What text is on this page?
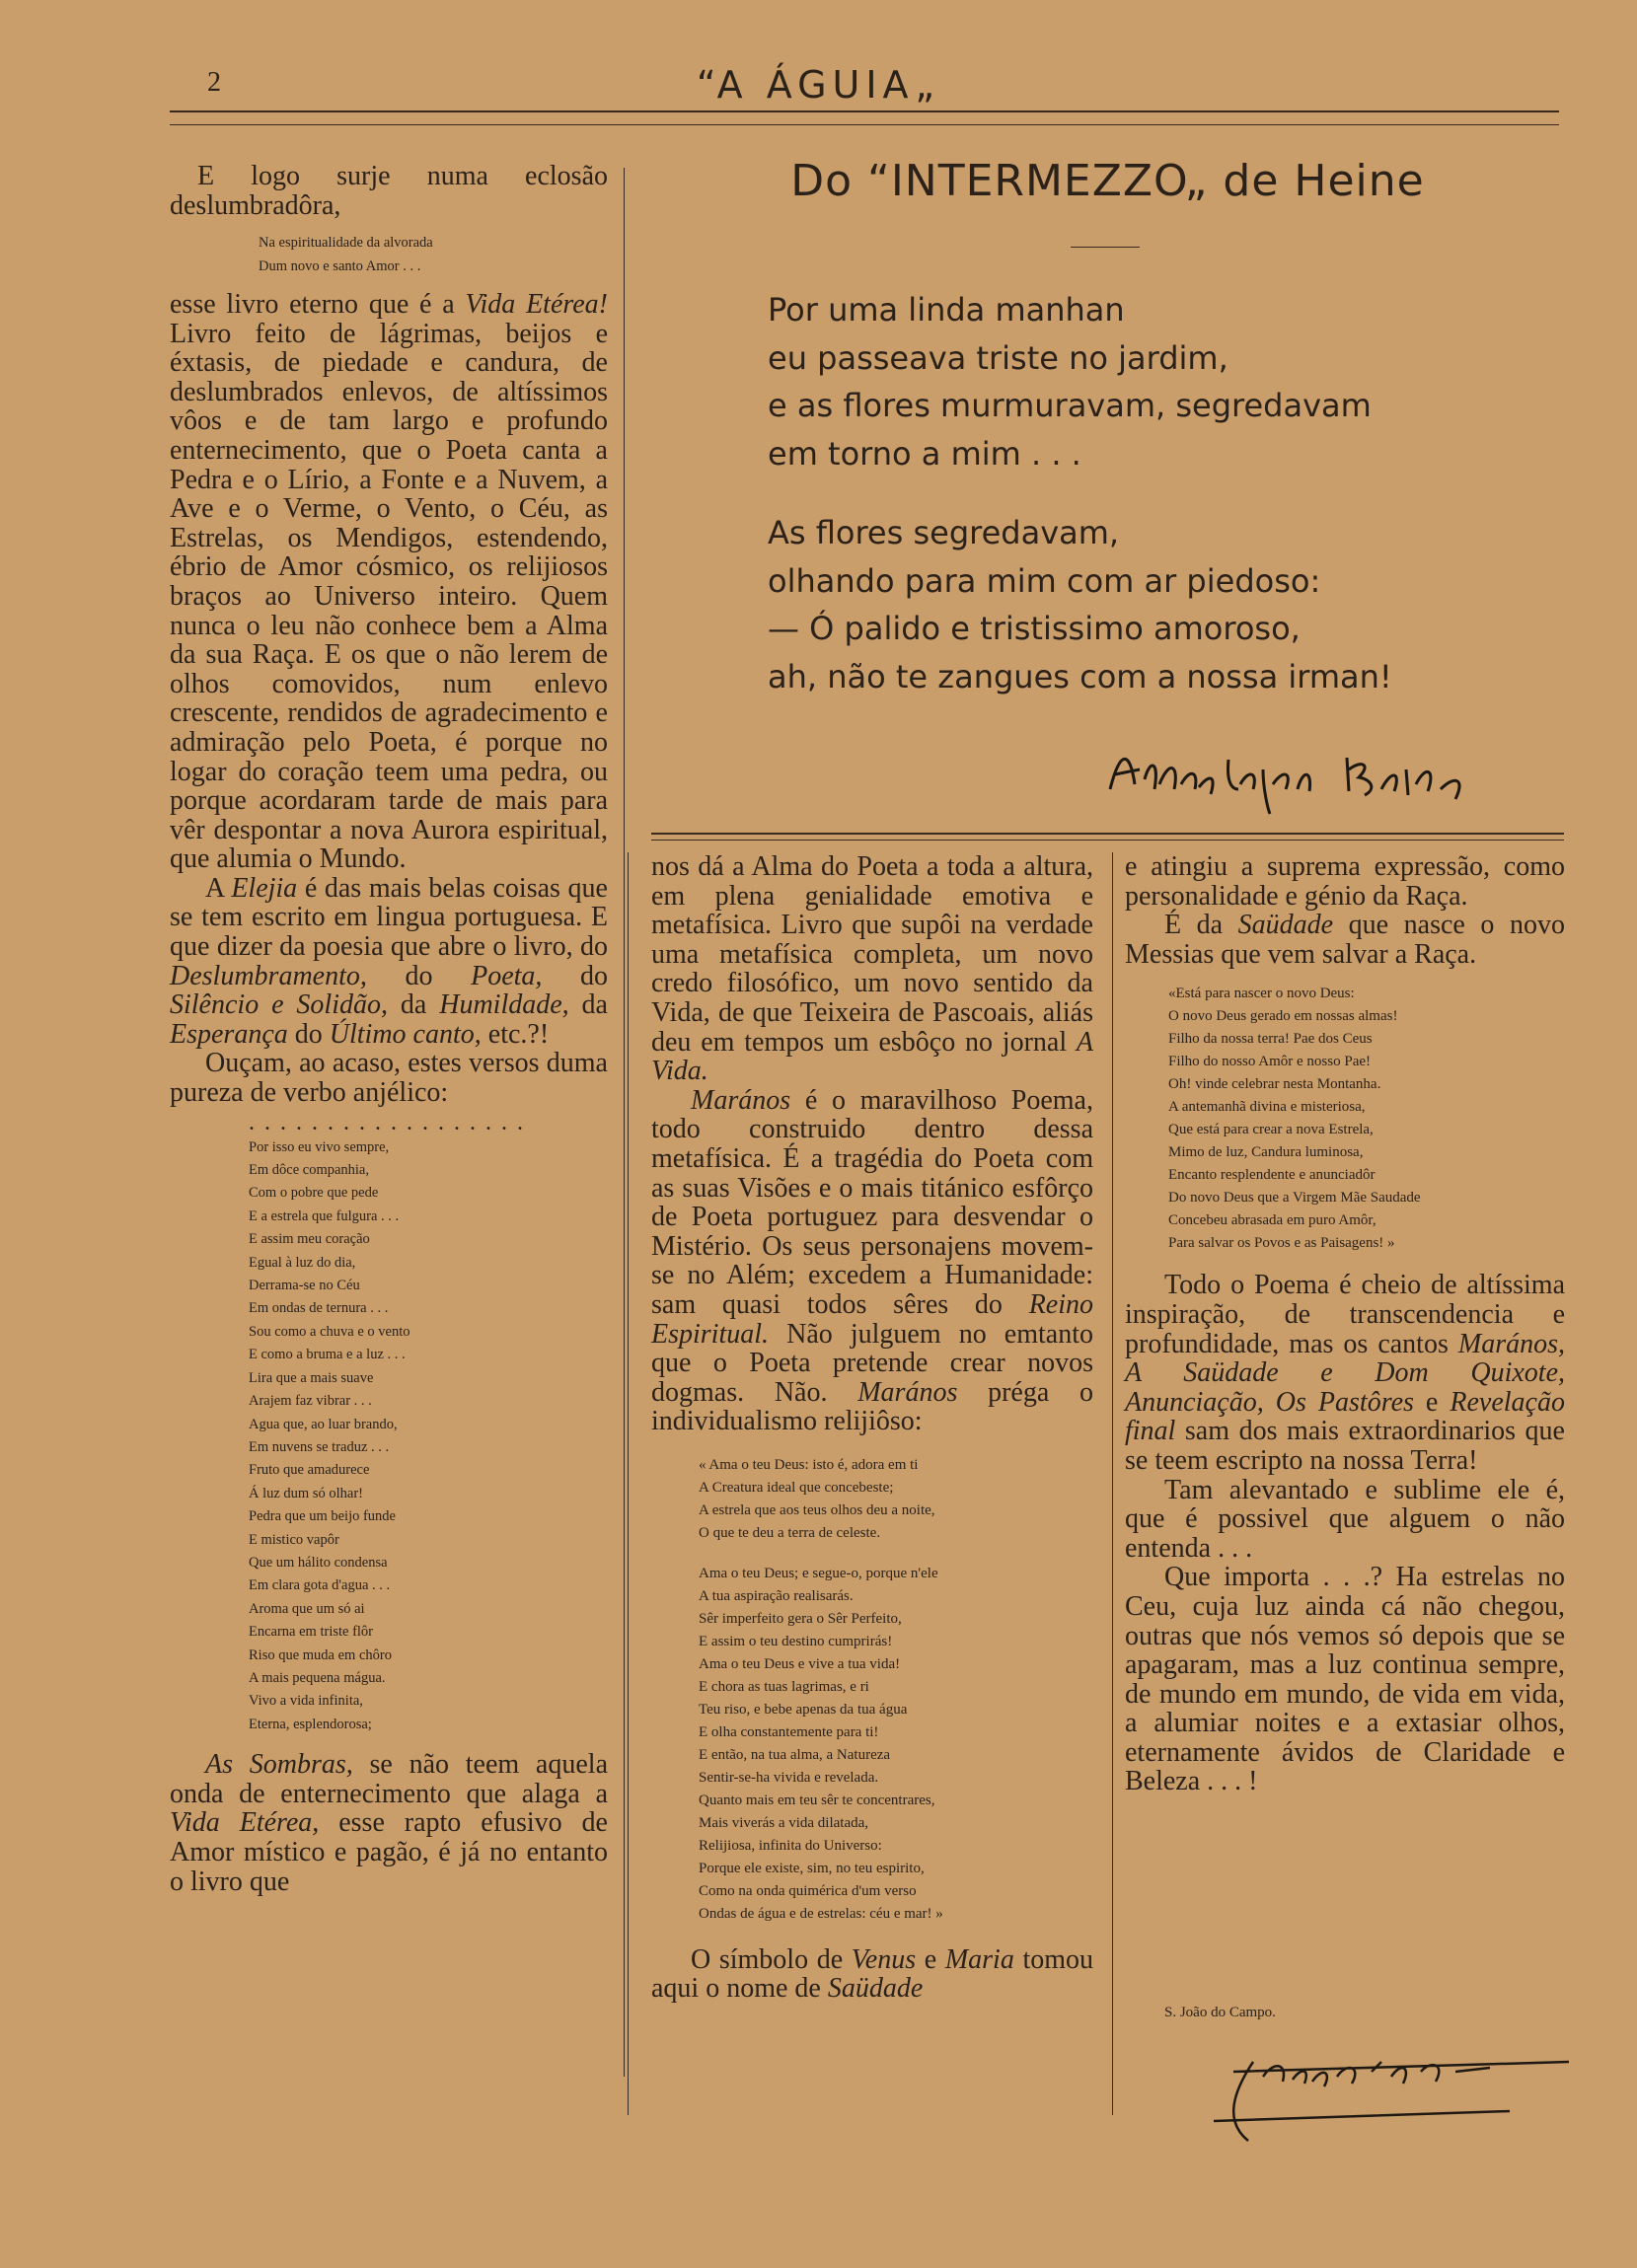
2	“A ÁGUIA„

E logo surje numa eclosão deslumbradôra,

Na espiritualidade da alvorada
Dum novo e santo Amor . . .

esse livro eterno que é a Vida Etérea! Livro feito de lágrimas, beijos e éxtasis, de piedade e candura, de deslumbrados enlevos, de altíssimos vôos e de tam largo e profundo enternecimento, que o Poeta canta a Pedra e o Lírio, a Fonte e a Nuvem, a Ave e o Verme, o Vento, o Céu, as Estrelas, os Mendigos, estendendo, ébrio de Amor cósmico, os relijiosos braços ao Universo inteiro. Quem nunca o leu não conhece bem a Alma da sua Raça. E os que o não lerem de olhos comovidos, num enlevo crescente, rendidos de agradecimento e admiração pelo Poeta, é porque no logar do coração teem uma pedra, ou porque acordaram tarde de mais para vêr despontar a nova Aurora espiritual, que alumia o Mundo.

A Elejia é das mais belas coisas que se tem escrito em lingua portuguesa. E que dizer da poesia que abre o livro, do Deslumbramento, do Poeta, do Silêncio e Solidão, da Humildade, da Esperança do Último canto, etc.?!

Ouçam, ao acaso, estes versos duma pureza de verbo anjélico:

. . . . . . . . . . . . . . . . . .
Por isso eu vivo sempre,
Em dôce companhia,
Com o pobre que pede
E a estrela que fulgura . . .
E assim meu coração
Egual à luz do dia,
Derrama-se no Céu
Em ondas de ternura . . .
Sou como a chuva e o vento
E como a bruma e a luz . . .
Lira que a mais suave
Arajem faz vibrar . . .
Agua que, ao luar brando,
Em nuvens se traduz . . .
Fruto que amadurece
Á luz dum só olhar!
Pedra que um beijo funde
E mistico vapôr
Que um hálito condensa
Em clara gota d'agua . . .
Aroma que um só ai
Encarna em triste flôr
Riso que muda em chôro
A mais pequena mágua.
Vivo a vida infinita,
Eterna, esplendorosa;

As Sombras, se não teem aquela onda de enternecimento que alaga a Vida Etérea, esse rapto efusivo de Amor místico e pagão, é já no entanto o livro que

Do “INTERMEZZO„ de Heine
Por uma linda manhan
eu passeava triste no jardim,
e as flores murmuravam, segredavam
em torno a mim . . .
As flores segredavam,
olhando para mim com ar piedoso:
— Ó palido e tristissimo amoroso,
ah, não te zangues com a nossa irman!

nos dá a Alma do Poeta a toda a altura, em plena genialidade emotiva e metafísica. Livro que supôi na verdade uma metafísica completa, um novo credo filosófico, um novo sentido da Vida, de que Teixeira de Pascoais, aliás deu em tempos um esbôço no jornal A Vida.

Marános é o maravilhoso Poema, todo construido dentro dessa metafísica. É a tragédia do Poeta com as suas Visões e o mais titánico esfôrço de Poeta portuguez para desvendar o Mistério. Os seus personajens movem-se no Além; excedem a Humanidade: sam quasi todos sêres do Reino Espiritual. Não julguem no emtanto que o Poeta pretende crear novos dogmas. Não. Marános préga o individualismo relijiôso:

« Ama o teu Deus: isto é, adora em ti
A Creatura ideal que concebeste;
A estrela que aos teus olhos deu a noite,
O que te deu a terra de celeste.
Ama o teu Deus; e segue-o, porque n'ele
A tua aspiração realisarás.
Sêr imperfeito gera o Sêr Perfeito,
E assim o teu destino cumprirás!
Ama o teu Deus e vive a tua vida!
E chora as tuas lagrimas, e ri
Teu riso, e bebe apenas da tua água
E olha constantemente para ti!
E então, na tua alma, a Natureza
Sentir-se-ha vivida e revelada.
Quanto mais em teu sêr te concentrares,
Mais viverás a vida dilatada,
Relijiosa, infinita do Universo:
Porque ele existe, sim, no teu espirito,
Como na onda quimérica d'um verso
Ondas de água e de estrelas: céu e mar! »

O símbolo de Venus e Maria tomou aqui o nome de Saüdade

e atingiu a suprema expressão, como personalidade e génio da Raça.

É da Saüdade que nasce o novo Messias que vem salvar a Raça.

«Está para nascer o novo Deus:
O novo Deus gerado em nossas almas!
Filho da nossa terra! Pae dos Ceus
Filho do nosso Amôr e nosso Pae!
Oh! vinde celebrar nesta Montanha.
A antemanhã divina e misteriosa,
Que está para crear a nova Estrela,
Mimo de luz, Candura luminosa,
Encanto resplendente e anunciadôr
Do novo Deus que a Virgem Mãe Saudade
Concebeu abrasada em puro Amôr,
Para salvar os Povos e as Paisagens! »

Todo o Poema é cheio de altíssima inspiração, de transcendencia e profundidade, mas os cantos Marános, A Saüdade e Dom Quixote, Anunciação, Os Pastôres e Revelação final sam dos mais extraordinarios que se teem escripto na nossa Terra!

Tam alevantado e sublime ele é, que é possivel que alguem o não entenda . . .

Que importa . . .? Ha estrelas no Ceu, cuja luz ainda cá não chegou, outras que nós vemos só depois que se apagaram, mas a luz continua sempre, de mundo em mundo, de vida em vida, a alumiar noites e a extasiar olhos, eternamente ávidos de Claridade e Beleza . . . !

S. João do Campo.
